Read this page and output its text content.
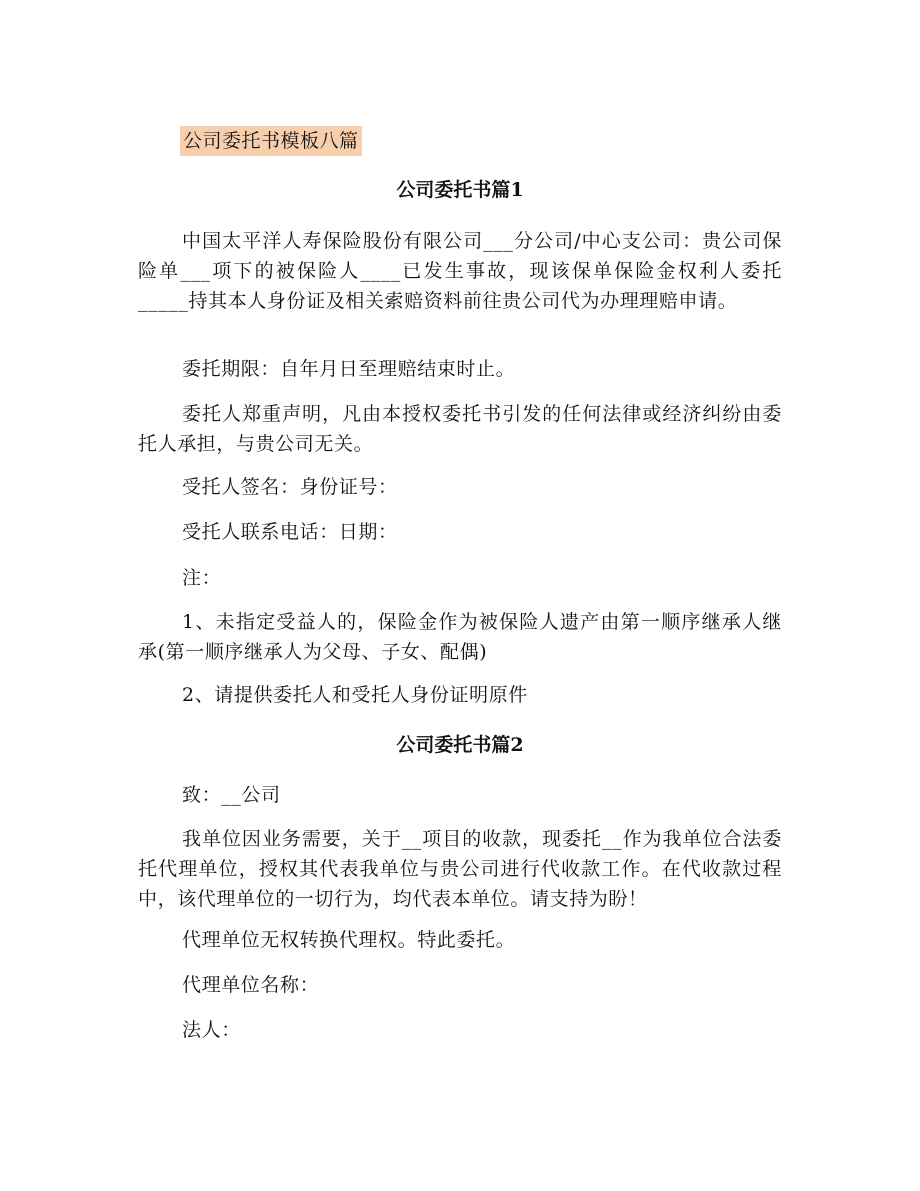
公司委托书模板八篇
公司委托书篇1

中国太平洋人寿保险股份有限公司___分公司/中心支公司：贵公司保险单___项下的被保险人____已发生事故，现该保单保险金权利人委托_____持其本人身份证及相关索赔资料前往贵公司代为办理理赔申请。

委托期限：自年月日至理赔结束时止。

委托人郑重声明，凡由本授权委托书引发的任何法律或经济纠纷由委托人承担，与贵公司无关。

受托人签名：身份证号：

受托人联系电话：日期：

注：

1、未指定受益人的，保险金作为被保险人遗产由第一顺序继承人继承(第一顺序继承人为父母、子女、配偶)

2、请提供委托人和受托人身份证明原件

公司委托书篇2

致：__公司

我单位因业务需要，关于__项目的收款，现委托__作为我单位合法委托代理单位，授权其代表我单位与贵公司进行代收款工作。在代收款过程中，该代理单位的一切行为，均代表本单位。请支持为盼！

代理单位无权转换代理权。特此委托。

代理单位名称：

法人：
